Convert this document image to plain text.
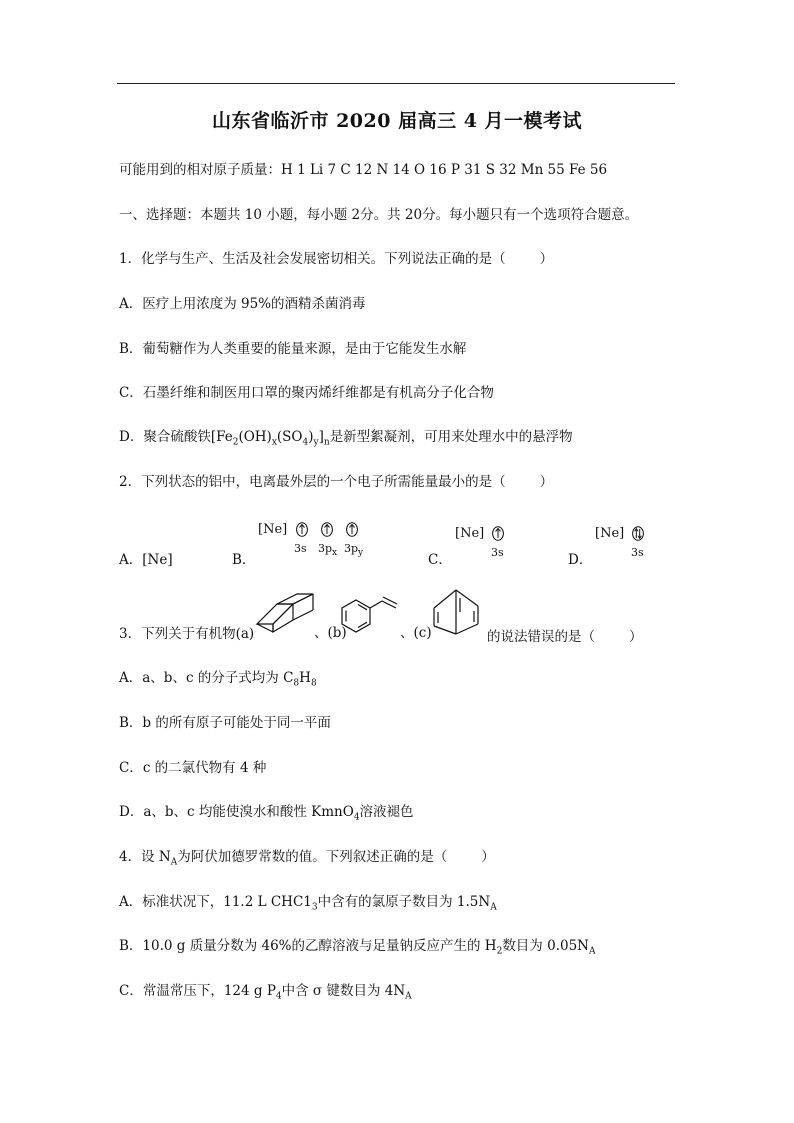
山东省临沂市 2020 届高三 4 月一模考试
可能用到的相对原子质量：H 1 Li 7 C 12 N 14 O 16 P 31 S 32 Mn 55 Fe 56
一、选择题：本题共 10 小题，每小题 2分。共 20分。每小题只有一个选项符合题意。
1．化学与生产、生活及社会发展密切相关。下列说法正确的是（	）
A．医疗上用浓度为 95%的酒精杀菌消毒
B．葡萄糖作为人类重要的能量来源，是由于它能发生水解
C．石墨纤维和制医用口罩的聚丙烯纤维都是有机高分子化合物
D．聚合硫酸铁$[Fe_2(OH)_x(SO_4)_y]_n$是新型絮凝剂，可用来处理水中的悬浮物
2．下列状态的铝中，电离最外层的一个电子所需能量最小的是（	）
A．[Ne]	B．	C．	D．
[Ne]
3s $3p_x$ $3p_y$
[Ne]
3s
[Ne]
3s
3．下列关于有机物(a)	、(b)	、(c)	的说法错误的是（	）
A．a、b、c 的分子式均为 $C_8H_8$
B．b 的所有原子可能处于同一平面
C．c 的二氯代物有 4 种
D．a、b、c 均能使溴水和酸性 KmnO$_4$溶液褪色
4．设 $N_A$为阿伏加德罗常数的值。下列叙述正确的是（	）
A．标准状况下，11.2 L $CHC1_3$中含有的氯原子数目为 $1.5N_A$
B．10.0 g 质量分数为 46%的乙醇溶液与足量钠反应产生的 $H_2$数目为 $0.05N_A$
C．常温常压下，124 g $P_4$中含 σ 键数目为 $4N_A$
